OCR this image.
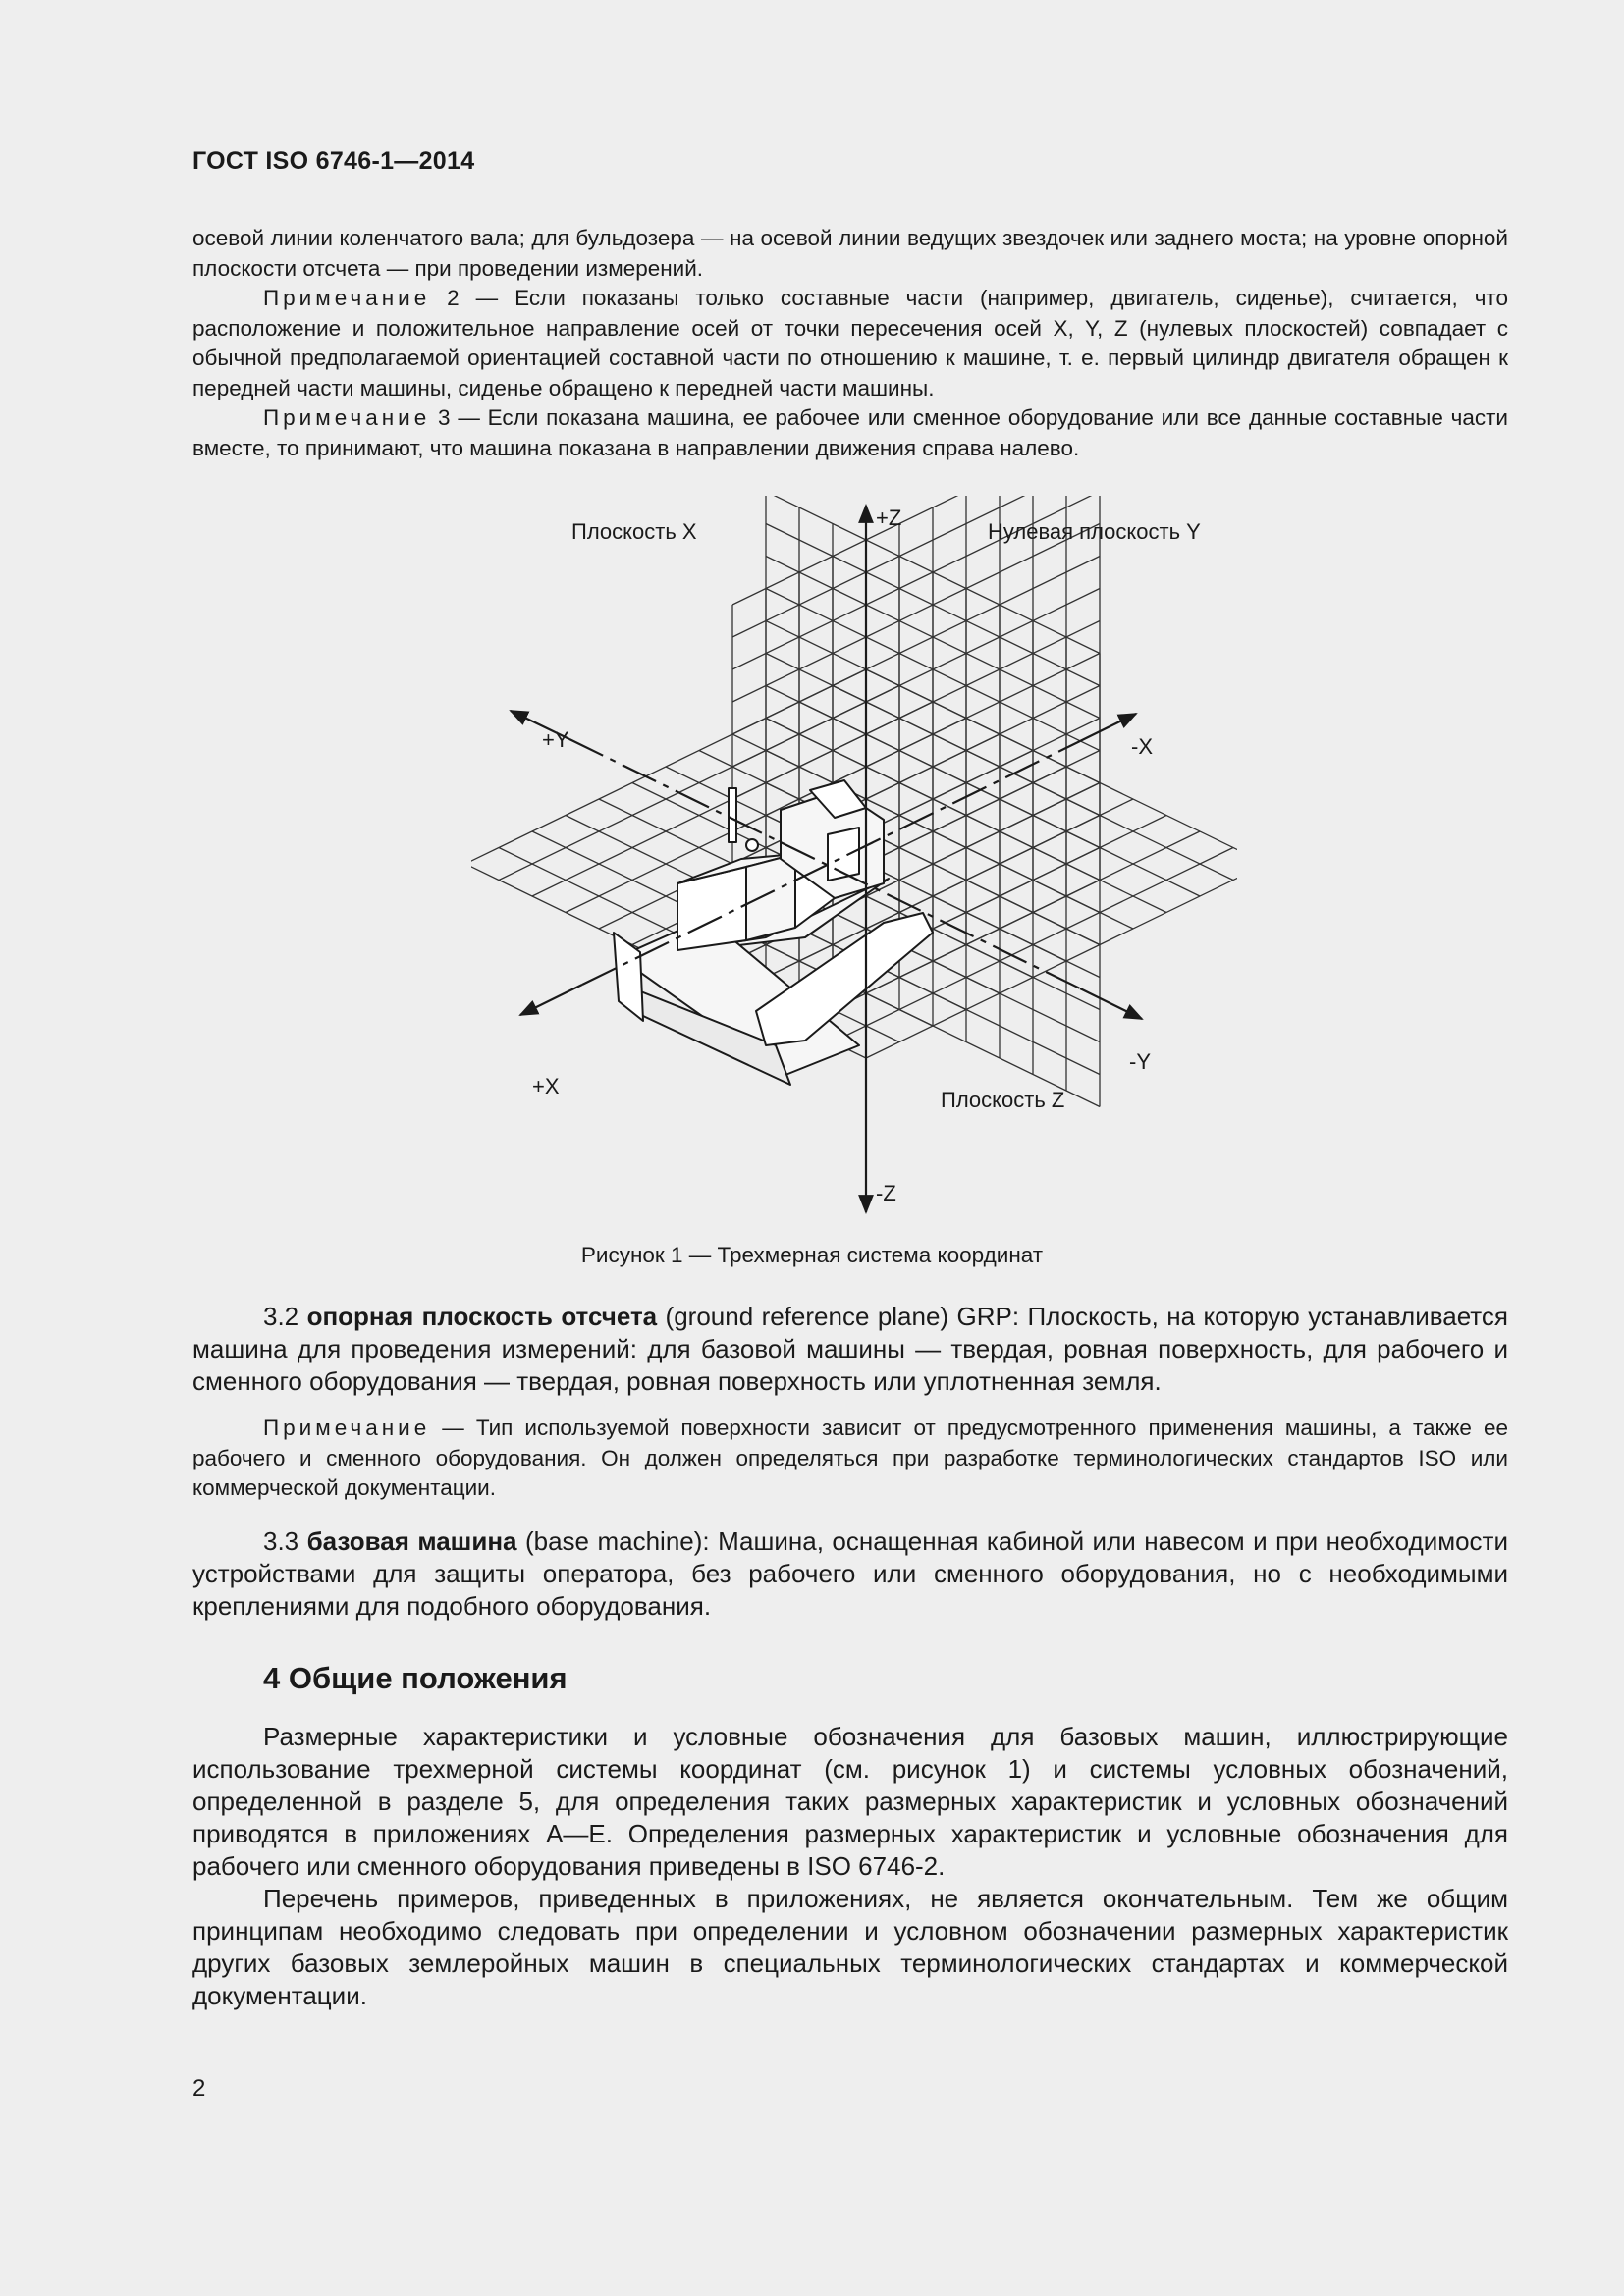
ГОСТ ISO 6746-1—2014

осевой линии коленчатого вала; для бульдозера — на осевой линии ведущих звездочек или заднего моста; на уровне опорной плоскости отсчета — при проведении измерений.

Примечание 2 — Если показаны только составные части (например, двигатель, сиденье), считается, что расположение и положительное направление осей от точки пересечения осей X, Y, Z (нулевых плоскостей) совпадает с обычной предполагаемой ориентацией составной части по отношению к машине, т. е. первый цилиндр двигателя обращен к передней части машины, сиденье обращено к передней части машины.

Примечание 3 — Если показана машина, ее рабочее или сменное оборудование или все данные составные части вместе, то принимают, что машина показана в направлении движения справа налево.

Плоскость X	Нулевая плоскость Y
Плоскость Z
+Z
-Z
+Y
-Y
+X
-X
Рисунок 1 — Трехмерная система координат

3.2 опорная плоскость отсчета (ground reference plane) GRP: Плоскость, на которую устанавливается машина для проведения измерений: для базовой машины — твердая, ровная поверхность, для рабочего и сменного оборудования — твердая, ровная поверхность или уплотненная земля.

Примечание — Тип используемой поверхности зависит от предусмотренного применения машины, а также ее рабочего и сменного оборудования. Он должен определяться при разработке терминологических стандартов ISO или коммерческой документации.

3.3 базовая машина (base machine): Машина, оснащенная кабиной или навесом и при необходимости устройствами для защиты оператора, без рабочего или сменного оборудования, но с необходимыми креплениями для подобного оборудования.

4 Общие положения

Размерные характеристики и условные обозначения для базовых машин, иллюстрирующие использование трехмерной системы координат (см. рисунок 1) и системы условных обозначений, определенной в разделе 5, для определения таких размерных характеристик и условных обозначений приводятся в приложениях А—Е. Определения размерных характеристик и условные обозначения для рабочего или сменного оборудования приведены в ISO 6746-2.

Перечень примеров, приведенных в приложениях, не является окончательным. Тем же общим принципам необходимо следовать при определении и условном обозначении размерных характеристик других базовых землеройных машин в специальных терминологических стандартах и коммерческой документации.

2
